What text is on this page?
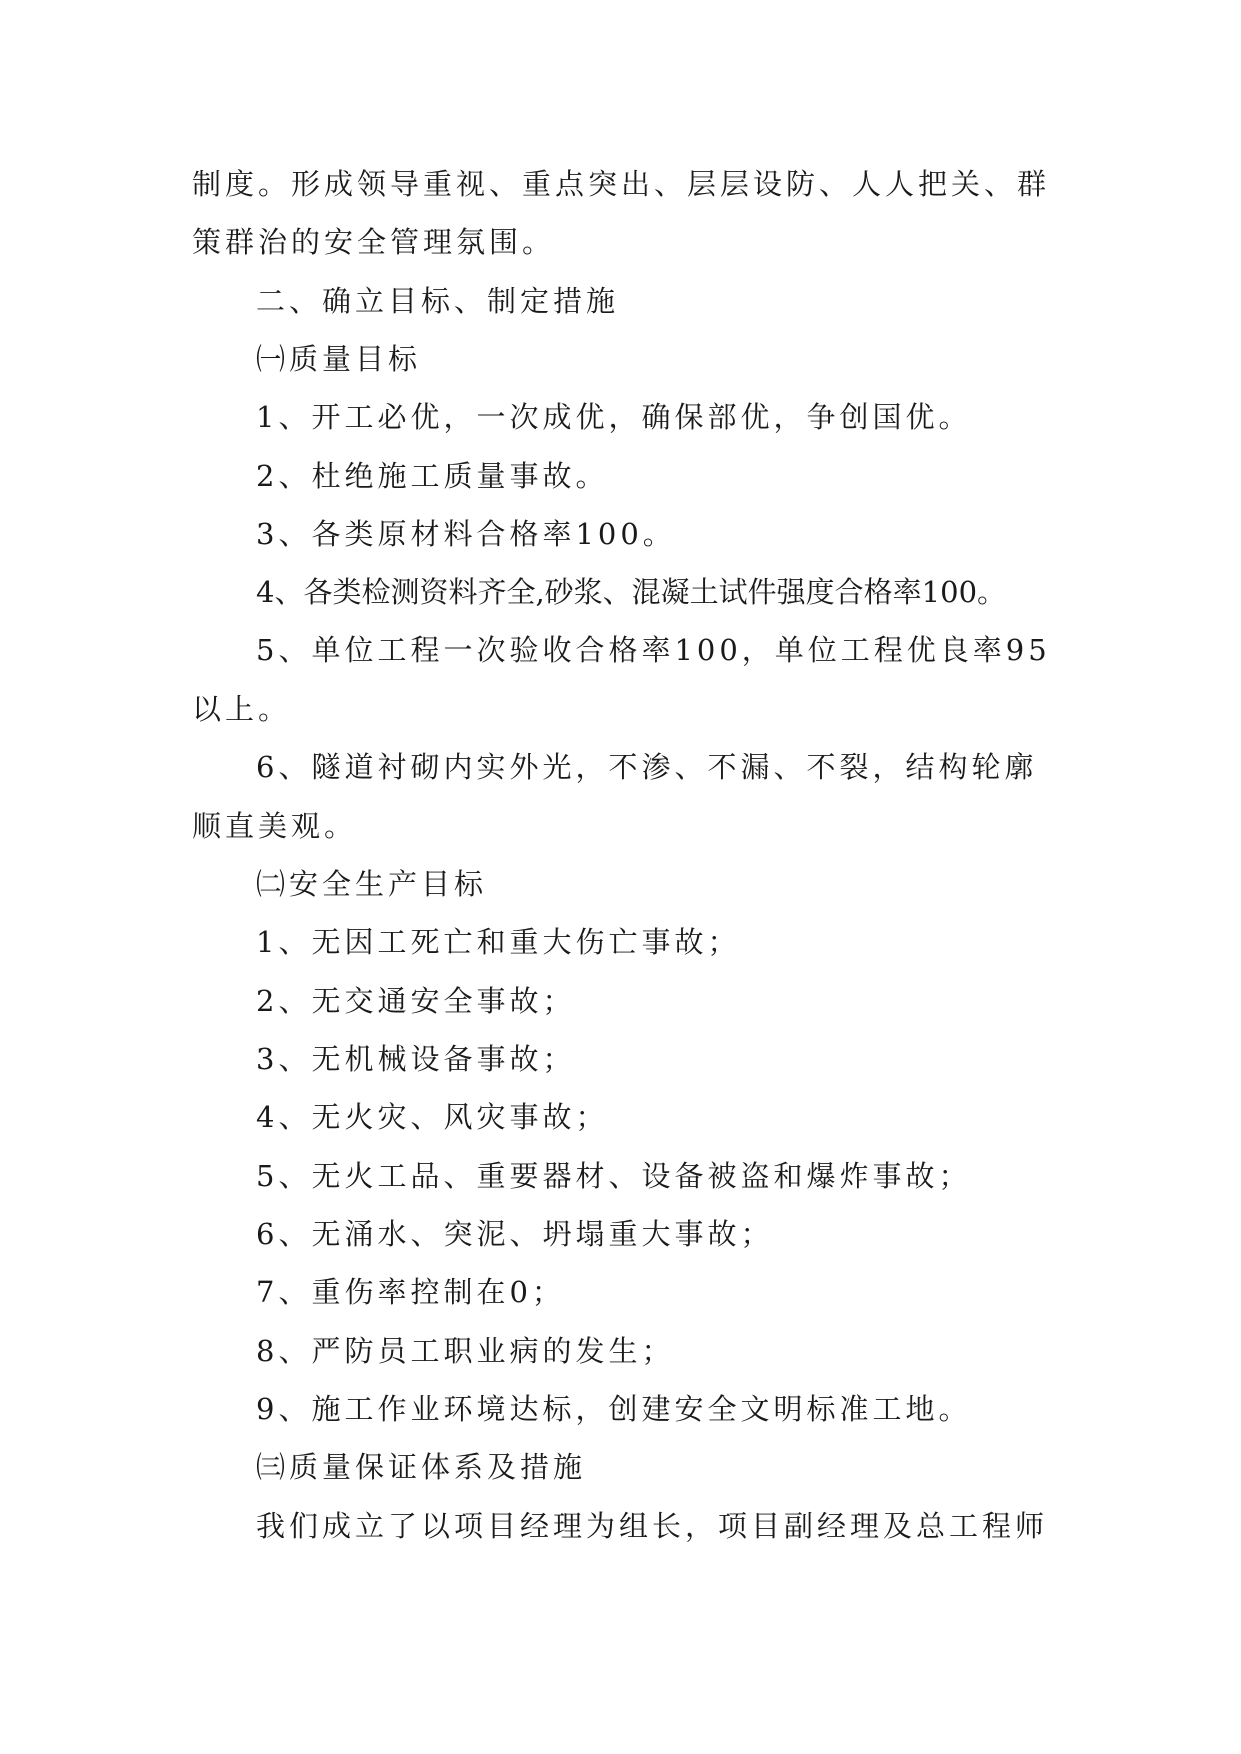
制度。形成领导重视、重点突出、层层设防、人人把关、群
策群治的安全管理氛围。
二、确立目标、制定措施
㈠质量目标
1、开工必优，一次成优，确保部优，争创国优。
2、杜绝施工质量事故。
3、各类原材料合格率100。
4、各类检测资料齐全,砂浆、混凝土试件强度合格率100。
5、单位工程一次验收合格率100，单位工程优良率95
以上。
6、隧道衬砌内实外光，不渗、不漏、不裂，结构轮廓
顺直美观。
㈡安全生产目标
1、无因工死亡和重大伤亡事故；
2、无交通安全事故；
3、无机械设备事故；
4、无火灾、风灾事故；
5、无火工品、重要器材、设备被盗和爆炸事故；
6、无涌水、突泥、坍塌重大事故；
7、重伤率控制在0；
8、严防员工职业病的发生；
9、施工作业环境达标，创建安全文明标准工地。
㈢质量保证体系及措施
我们成立了以项目经理为组长，项目副经理及总工程师
